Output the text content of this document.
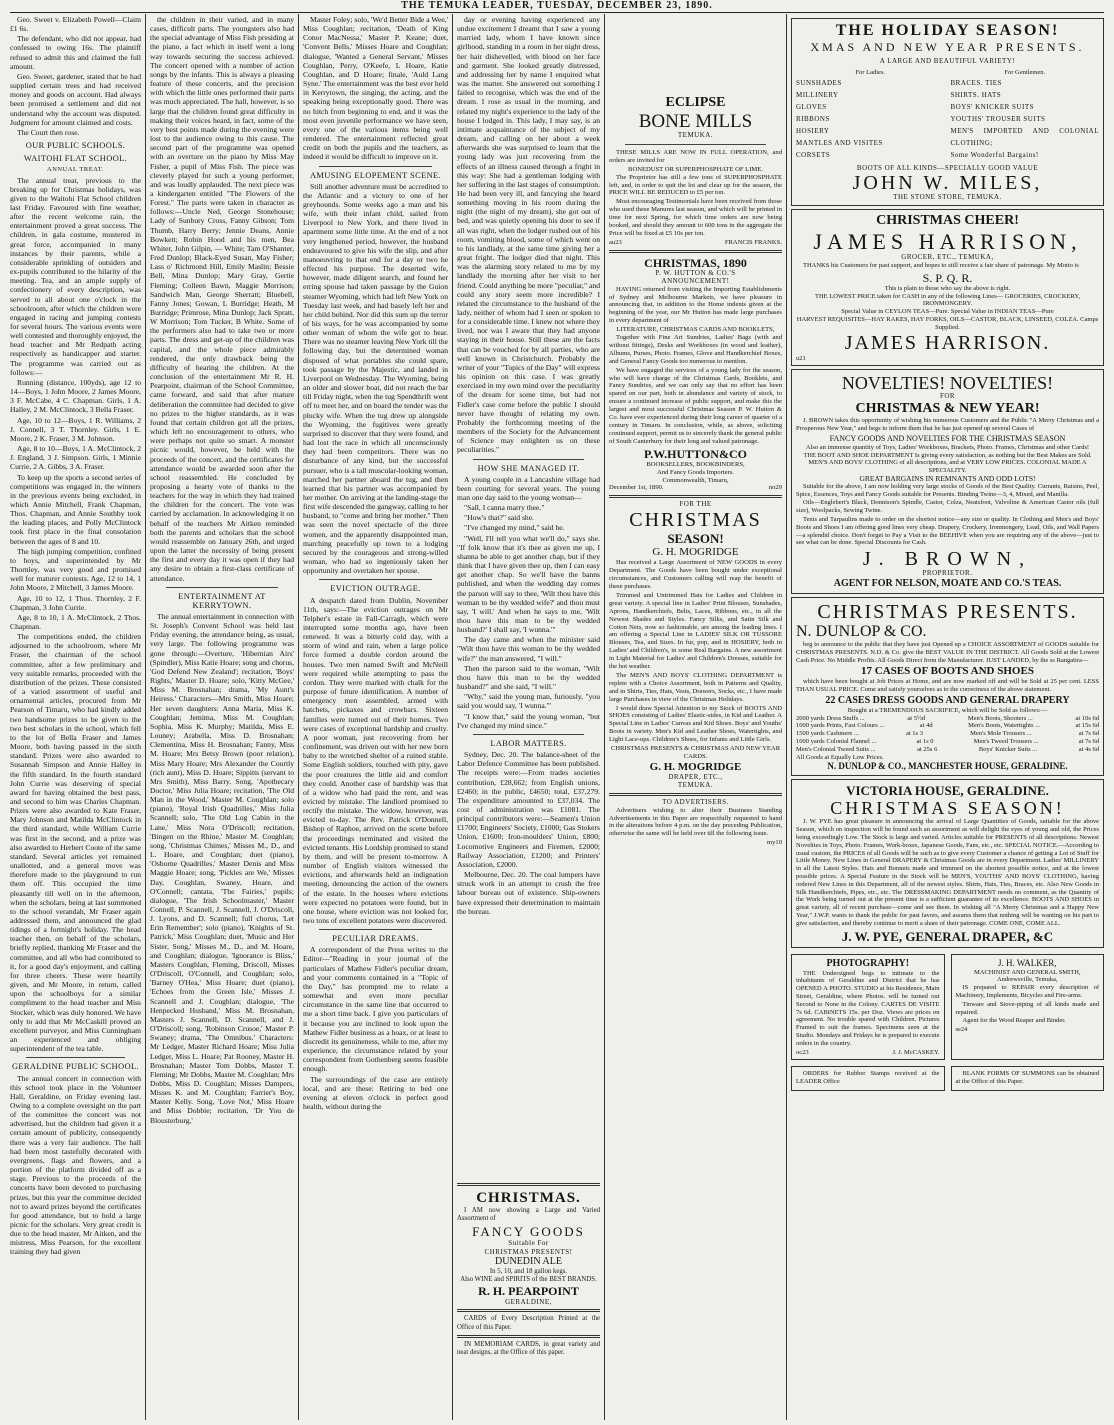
THE TEMUKA LEADER, TUESDAY, DECEMBER 23, 1890.

Geo. Sweet v. Elizabeth Powell—Claim £1 6s.

The defendant, who did not appear, had confessed to owing 16s. The plaintiff refused to admit this and claimed the full amount.

Geo. Sweet, gardener, stated that he had supplied certain trees and had received money and goods on account. Had always been promised a settlement and did not understand why the account was disputed. Judgment for amount claimed and costs.

The Court then rose.

OUR PUBLIC SCHOOLS.
WAITOHI FLAT SCHOOL.
ANNUAL TREAT.

The annual treat, previous to the breaking up for Christmas holidays, was given to the Waitohi Flat School children last Friday. Favoured with fine weather, after the recent welcome rain, the entertainment proved a great success. The children, in gala costume, mustered in great force, accompanied in many instances by their parents, while a considerable sprinkling of outsiders and ex-pupils contributed to the hilarity of the meeting. Tea, and an ample supply of confectionery of every description, was served to all about one o'clock in the schoolroom, after which the children were engaged in racing and jumping contests for several hours. The various events were well contested and thoroughly enjoyed, the head teacher and Mr Redpath acting respectively as handicapper and starter. The programme was carried out as follows:—

Running (distance, 100yds), age 12 to 14—Boys, 1 John Moore, 2 James Moore, 3 F. McCabe, 4 C. Chapman. Girls, 1 A. Halley, 2 M. McClintock, 3 Bella Fraser.

Age, 10 to 12—Boys, 1 R. Williams, 2 J. Connell, 3 T. Thornley. Girls, 1 E. Moore, 2 K. Fraser, 3 M. Johnson.

Age, 8 to 10—Boys, 1 A. McClintock, 2 J. England, 3 J. Simpson. Girls, 1 Minnie Currie, 2 A. Gibbs, 3 A. Fraser.

To keep up the sports a second series of competitions was engaged in, the winners in the previous events being excluded, in which Annie Mitchell, Frank Chapman, Thos. Chapman, and Annie Southby took the leading places, and Polly McClintock took first place in the final consolation between the ages of 8 and 10.

The high jumping competition, confined to boys, and superintended by Mr Thornley, was very good and promised well for maturer contests. Age, 12 to 14, 1 John Moore, 2 Mitchell, 3 James Moore.

Age, 10 to 12, 1 Thos. Thornley, 2 F. Chapman, 3 John Currie.

Age, 8 to 10, 1 A. McClintock, 2 Thos. Chapman.

The competitions ended, the children adjourned to the schoolroom, where Mr Fraser, the chairman of the school committee, after a few preliminary and very suitable remarks, proceeded with the distribution of the prizes. These consisted of a varied assortment of useful and ornamental articles, procured from Mr Pearson of Timaru, who had kindly added two handsome prizes to be given to the two best scholars in the school, which fell to the lot of Bella Fraser and James Moore, both having passed in the sixth standard. Prizes were also awarded to Susannah Simpson and Annie Halley in the fifth standard. In the fourth standard John Currie was deserving of special award for having obtained the best pass, and second to him was Charles Chapman. Prizes were also awarded to Kate Fraser, Mary Johnson and Matilda McClintock in the third standard, while William Currie was first in the second, and a prize was also awarded to Herbert Coote of the same standard. Several articles yet remained unallotted, and a general move was therefore made to the playground to run them off. This occupied the time pleasantly till well on in the afternoon, when the scholars, being at last summoned to the school verandah, Mr Fraser again addressed them, and announced the glad tidings of a fortnight's holiday. The head teacher then, on behalf of the scholars, briefly replied, thanking Mr Fraser and the committee, and all who had contributed to it, for a good day's enjoyment, and calling for three cheers. These were heartily given, and Mr Moore, in return, called upon the schoolboys for a similar compliment to the head teacher and Miss Stocker, which was duly honored. We have only to add that Mr McCaskill proved an excellent purveyor, and Miss Cunningham an experienced and obliging superintendent of the tea table.

GERALDINE PUBLIC SCHOOL.

The annual concert in connection with this school took place in the Volunteer Hall, Geraldine, on Friday evening last. Owing to a complete oversight on the part of the committee the concert was not advertised, but the children had given it a certain amount of publicity, consequently there was a very fair audience. The hall had been most tastefully decorated with evergreens, flags and flowers, and a portion of the platform divided off as a stage. Previous to the proceeds of the concerts have been devoted to purchasing prizes, but this year the committee decided not to award prizes beyond the certificates for good attendance, but to hold a large picnic for the scholars. Very great credit is due to the head master, Mr Aitken, and the mistress, Miss Pearson, for the excellent training they had given

the children in their varied, and in many cases, difficult parts. The youngsters also had the special advantage of Miss Fish presiding at the piano, a fact which in itself went a long way towards securing the success achieved. The concert opened with a number of action songs by the infants. This is always a pleasing feature of these concerts, and the precision with which the little ones performed their parts was much appreciated. The hall, however, is so large that the children found great difficulty in making their voices heard, in fact, some of the very best points made during the evening were lost to the audience owing to this cause. The second part of the programme was opened with an overture on the piano by Miss May Fisher, a pupil of Miss Fish. The piece was cleverly played for such a young performer, and was loudly applauded. The next piece was a kindergarten entitled "The Flowers of the Forest." The parts were taken in character as follows:—Uncle Ned, George Stonehouse; Lady of Sunbury Cross, Fanny Gibson; Tom Thumb, Harry Berry; Jennie Deans, Annie Bowkett; Robin Hood and his men, Bea Whiter, John Gilpin, — White; Tam O'Shanter, Fred Dunlop; Black-Eyed Susan, May Fisher; Lass o' Richmond Hill, Emily Maslin; Bessie Bell, Mina Dunlop; Mary Gray, Gertie Fleming; Colleen Bawn, Maggie Morrison; Sandwich Man, George Sherratt; Bluebell, Fanny Jones; Gowan, L Burridge; Heath, M Burridge; Primrose, Mina Dunlop; Jack Spratt, W Morrison; Tom Tucker, B White. Some of the performers also had to take two or more parts. The dress and get-up of the children was capital, and the whole piece admirably rendered, the only drawback being the difficulty of hearing the children. At the conclusion of the entertainment Mr R. H. Pearpoint, chairman of the School Committee, came forward, and said that after mature deliberation the committee had decided to give no prizes to the higher standards, as it was found that certain children got all the prizes, which left no encouragement to others, who were perhaps not quite so smart. A monster picnic would, however, be held with the proceeds of the concert, and the certificates for attendance would be awarded soon after the school reassembled. He concluded by proposing a hearty vote of thanks to the teachers for the way in which they had trained the children for the concert. The vote was carried by acclamation. In acknowledging it on behalf of the teachers Mr Aitken reminded both the parents and scholars that the school would reassemble on January 26th, and urged upon the latter the necessity of being present the first and every day it was open if they had any desire to obtain a first-class certificate of attendance.

ENTERTAINMENT AT KERRYTOWN.

The annual entertainment in connection with St. Joseph's Convent School was held last Friday evening, the attendance being, as usual, very large. The following programme was gone through:—Overture, 'Hibernian Airs' (Spindler), Miss Katie Hoare; song and chorus, 'God Defend New Zealand'; recitation, 'Boys' Rights,' Master D. Hoare; solo, 'Kitty McGee,' Miss M. Brosnahan; drama, 'My Aunt's Heiress.' Characters—Mrs Smith, Miss Hoare; Her seven daughters: Anna Maria, Miss K. Coughlan; Jemima, Miss M. Coughlan; Sophia, Miss K. Murphy; Matilda, Miss E. Louney; Arabella, Miss D. Brosnahan; Clementina, Miss H. Brosnahan; Fanny, Miss M. Hoare; Mrs Betsy Brown (poor relation), Miss Mary Hoare; Mrs Alexander the Courtly (rich aunt), Miss D. Hoare; Sippitts (servant to Mrs Smith), Miss Barry. Song, 'Apothecary Doctor,' Miss Julia Hoare; recitation, 'The Old Man in the Wood,' Master M. Coughlan; solo (piano), 'Royal Irish Quadrilles,' Miss Julia Scannell; solo, 'The Old Log Cabin in the Lane,' Miss Nora O'Driscoll; recitation, 'Bingen on the Rhine,' Master M. Coughlan; song, 'Christmas Chimes,' Misses M., D., and L. Hoare, and Coughlan; duet (piano), 'Osborne Quadrilles,' Master Denis and Miss Maggie Hoare; song, 'Pickles are We,' Misses Day, Coughlan, Swaney, Hoare, and O'Connell; cantata, 'The Fairies,' pupils; dialogue, 'The Irish Schoolmaster,' Master Connell, P. Scannell, J. Scannell, J. O'Driscoll, J. Lyons, and D. Scannell; full chorus, 'Let Erin Remember'; solo (piano), 'Knights of St. Patrick,' Miss Coughlan; duet, 'Music and Her Sister, Song,' Misses M., D., and M. Hoare, and Coughlan; dialogue, 'Ignorance is Bliss,' Masters Coughlan, Fleming, Driscoll, Misses O'Driscoll, O'Connell, and Coughlan; solo, 'Barney O'Hea,' Miss Hoare; duet (piano), 'Echoes from the Green Isle,' Misses J. Scannell and J. Coughlan; dialogue, 'The Henpecked Husband,' Miss M. Brosnahan, Masters J. Scannell, D. Scannell, and J. O'Driscoll; song, 'Robinson Crusoe,' Master P. Swaney; drama, 'The Omnibus.' Characters: Mr Ledger, Master Richard Hoare; Miss Julia Ledger, Miss L. Hoare; Pat Rooney, Master H. Brosnahan; Master Tom Dobbs, Master T. Fleming; Mr Dobbs, Master M. Coughlan; Mrs Dobbs, Miss D. Coughlan; Misses Dampers, Misses K. and M. Coughlan; Farrier's Boy, Master Kelly. Song, 'Love Not,' Miss Hoare and Miss Dobbie; recitation, 'Dr You de Blousterburg,'

Master Foley; solo, 'We'd Better Bide a Wee,' Miss Coughlan; recitation, 'Death of King Conor MacNessa,' Master P. Keane; duet, 'Convent Bells,' Misses Hoare and Coughlan; dialogue, 'Wanted a General Servant,' Misses Coughlan, Perry, O'Keefe, L Hoare, Katie Coughlan, and D Hoare; finale, 'Auld Lang Syne.' The entertainment was the best ever held in Kerrytown, the singing, the acting, and the speaking being exceptionally good. There was no hitch from beginning to end, and it was the most even juvenile performance we have seen, every one of the various items being well rendered. The entertainment reflected great credit on both the pupils and the teachers, as indeed it would be difficult to improve on it.

AMUSING ELOPEMENT SCENE.

Still another adventure must be accredited to the Atlantic and a victory to one of her greyhounds. Some weeks ago a man and his wife, with their infant child, sailed from Liverpool to New York, and there lived in apartment some little time. At the end of a not very lengthened period, however, the husband endeavoured to give his wife the slip, and after manoeuvring to that end for a day or two he effected his purpose. The deserted wife, however, made diligent search, and found her erring spouse had taken passage by the Guion steamer Wyoming, which had left New York on Tuesday last week, and had basely left her and her child behind. Nor did this sum up the terror of his ways, for he was accompanied by some other woman of whom the wife got to hear. There was no steamer leaving New York till the following day, but the determined woman disposed of what portables she could spare, took passage by the Majestic, and landed in Liverpool on Wednesday. The Wyoming, being an older and slower boat, did not reach the bar till Friday night, when the tug Spendthrift went off to meet her, and on board the tender was the plucky wife. When the tug drew up alongside the Wyoming, the fugitives were greatly surprised to discover that they were found, and had lost the race in which all unconsciously they had been competitors. There was no disturbance of any kind, but the successful pursuer, who is a tall muscular-looking woman, marched her partner aboard the tug, and then learned that his partner was accompanied by her mother. On arriving at the landing-stage the first wife descended the gangway, calling to her husband, to "come and bring her mother." Then was seen the novel spectacle of the three women, and the apparently disappointed man, marching peacefully up town to a lodging secured by the courageous and strong-willed woman, who had so ingeniously taken her opportunity and overtaken her spouse.

EVICTION OUTRAGE.

A despatch dated from Dublin, November 11th, says:—The eviction outrages on Mr Telpher's estate in Fall-Carragh, which were interrupted some months ago, have been renewed. It was a bitterly cold day, with a storm of wind and rain, when a large police force formed a double cordon around the houses. Two men named Swift and McNeill were required while attempting to pass the cordon. They were marked with chalk for the purpose of future identification. A number of emergency men assembled, armed with hatchets, pickaxes and crowbars. Sixteen families were turned out of their homes. Two were cases of exceptional hardship and cruelty. A poor woman, just recovering from her confinement, was driven out with her new born baby to the wretched shelter of a ruined stable. Some English soldiers, touched with pity, gave the poor creatures the little aid and comfort they could. Another case of hardship was that of a widow who had paid the rent, and was evicted by mistake. The landlord promised to rectify the mistake. The widow, however, was evicted to-day. The Rev. Patrick O'Donnell, Bishop of Raphoe, arrived on the scene before the proceedings terminated and visited the evicted tenants. His Lordship promised to stand by them, and will be present to-morrow. A number of English visitors witnessed the evictions, and afterwards held an indignation meeting, denouncing the action of the owners of the estate. In the houses where evictions were expected no potatoes were found, but in one house, where eviction was not looked for, two tons of excellent potatoes were discovered.

PECULIAR DREAMS.

A correspondent of the Press writes to the Editor—"Reading in your journal of the particulars of Mathew Fidler's peculiar dream, and your comments contained in a "Topic of the Day," has prompted me to relate a somewhat and even more peculiar circumstance in the same line that occurred to me a short time back. I give you particulars of it because you are inclined to look upon the Mathew Fidler business as a hoax, or at least to discredit its genuineness, while to me, after my experience, the circumstance related by your correspondent from Gothenberg seems feasible enough.

The surroundings of the case are entirely local, and are these: Retiring to bed one evening at eleven o'clock in perfect good health, without during the

day or evening having experienced any undue excitement I dreamt that I saw a young married lady, whom I have known since girlhood, standing in a room in her night dress, her hair dishevelled, with blood on her face and garment. She looked greatly distressed, and addressing her by name I enquired what was the matter. She answered out something I failed to recognise, which was the end of the dream. I rose as usual in the morning, and related my night's experience to the lady of the house I lodged in. This lady, I may say, is an intimate acquaintance of the subject of my dream, and calling on her about a week afterwards she was surprised to learn that the young lady was just recovering from the effects of an illness caused through a fright in this way: She had a gentleman lodging with her suffering in the last stages of consumption. He had been very ill, and fancying she heard something moving in his room during the night (the night of my dream), she got out of bed, and was quietly opening his door to see if all was right, when the lodger rushed out of his room, vomiting blood, some of which went on to his landlady, at the same time giving her a great fright. The lodger died that night. This was the alarming story related to me by my landlady the morning after her visit to her friend. Could anything be more "peculiar," and could any story seem more incredible? I related the circumstance to the husband of the lady, neither of whom had I seen or spoken to for a considerable time. I knew not where they lived, nor was I aware that they had anyone staying in their house. Still these are the facts that can be vouched for by all parties, who are well known in Christchurch. Probably the writer of your "Topics of the Day" will express his opinion on this case. I was greatly exercised in my own mind over the peculiarity of the dream for some time, but had not Fidler's case come before the public I should never have thought of relating my own. Probably the forthcoming meeting of the members of the Society for the Advancement of Science may enlighten us on these peculiarities."

HOW SHE MANAGED IT.

A young couple in a Lancashire village had been courting for several years. The young man one day said to the young woman—

"Sall, I canna marry thee."

"How's that?" said she.

"I've changed my mind," said he.

"Well, I'll tell you what we'll do," says she. "If folk know that it's thee as given me up, I shanna be able to get another chap, but if they think that I have given thee up, then I can easy get another chap. So we'll have the banns published, and when the wedding day comes the parson will say to thee, 'Wilt thou have this woman to be thy wedded wife?' and thou must say, 'I will.' And when he says to me, 'Wilt thou have this man to be thy wedded husband?' I shall say, 'I wunna.'"

The day came and when the minister said "Wilt thou have this woman to be thy wedded wife?" the man answered, "I will."

Then the parson said to the woman, "Wilt thou have this man to be thy wedded husband?" and she said, "I will."

"Why," said the young man, furiously, "you said you would say, 'I wunna.'"

"I know that," said the young woman, "but I've changed my mind since."

LABOR MATTERS.

Sydney, Dec. 20. The balance-sheet of the Labor Defence Committee has been published. The receipts were:—From trades societies contribution, £28,662; from English unions, £2460; in the public, £4650; total, £37,279. The expenditure amounted to £37,034. The cost of administration was £1081. The principal contributors were:—Seamen's Union £1700; Engineers' Society, £1000; Gas Stokers Union, £1600; Iron-moulders' Union, £800; Locomotive Engineers and Firemen, £2000; Railway Association, £1200; and Printers' Association, £2000.

Melbourne, Dec. 20. The coal lumpers have struck work in an attempt to crush the free labour bureau out of existence. Ship-owners have expressed their determination to maintain the bureau.

ECLIPSE
BONE MILLS
TEMUKA.

THESE MILLS ARE NOW IN FULL OPERATION, and orders are invited for

BONEDUST OR SUPERPHOSPHATE OF LIME.

The Proprietor has still a few tons of SUPERPHOSPHATE left, and, in order to quit the lot and clear up for the season, the PRICE WILL BE REDUCED to £5 per ton.

Most encouraging Testimonials have been received from those who used these Manures last season, and which will be printed in time for next Spring, for which time orders are now being booked, and should they amount to 600 tons in the aggregate the Price will be fixed at £5 10s per ton.

au23	FRANCIS FRANKS.
CHRISTMAS, 1890
P. W. HUTTON & CO.'S
ANNOUNCEMENT!

HAVING returned from visiting the Importing Establishments of Sydney and Melbourne Markets, we have pleasure in announcing that, in addition to the Home indents given at the beginning of the year, our Mr Hutton has made large purchases in every department of

LITERATURE, CHRISTMAS CARDS AND BOOKLETS,

Together with Fine Art Sundries, Ladies' Bags (with and without fittings), Desks and Workboxes (in wood and leather), Albums, Purses, Photo. Frames, Glove and Handkerchief Boxes, and General Fancy Goods too numerous to mention.

We have engaged the services of a young lady for the season, who will have charge of the Christmas Cards, Booklets, and Fancy Sundries, and we can only say that no effort has been spared on our part, both in abundance and variety of stock, to ensure a continued increase of public support, and make this the largest and most successful Christmas Season P. W. Hutton & Co. have ever experienced during their long career of quarter of a century in Timaru. In conclusion, while, as above, soliciting continued support, permit us to sincerely thank the general public of South Canterbury for their long and valued patronage.

P.W.HUTTON&CO
BOOKSELLERS, BOOKBINDERS,
And Fancy Goods Importers.
Commonwealth, Timaru,
December 1st, 1890.	no29
FOR THE
CHRISTMAS
SEASON!
G. H. MOGRIDGE

Has received a Large Assortment of NEW GOODS in every Department. The Goods have been bought under exceptional circumstances, and Customers calling will reap the benefit of these purchases.

Trimmed and Untrimmed Hats for Ladies and Children in great variety. A special line in Ladies' Print Blouses, Sunshades, Aprons, Handkerchiefs, Belts, Laces, Ribbons, etc., in all the Newest Shades and Styles. Fancy Silks, and Satin Silk and Cotton Nets, now so fashionable, are among the leading lines. I am offering a Special Line in LADIES' SILK OR TUSSORE Blouses, Tea, and Sizes. In fur, pop, and in HOSIERY, both in Ladies' and Children's, in some Real Bargains. A new assortment in Light Material for Ladies' and Children's Dresses, suitable for the hot weather.

The MEN'S AND BOYS' CLOTHING DEPARTMENT is replete with a Choice Assortment, both in Patterns and Quality, and in Shirts, Ties, Hats, Vests, Drawers, Socks, etc., I have made large Purchases in view of the Christmas Holidays.

I would draw Special Attention to my Stock of BOOTS AND SHOES consisting of Ladies' Elastic-sides, in Kid and Leather. A Special Line in Ladies' Canvas and Kid Shoes. Boys' and Youths' Boots in variety. Men's Kid and Leather Shoes, Watertights, and Light Lace-ups. Children's Shoes, for Infants and Little Girls.

CHRISTMAS PRESENTS & CHRISTMAS AND NEW YEAR CARDS.
G. H. MOGRIDGE
DRAPER, ETC.,
TEMUKA.
TO ADVERTISERS.

Advertisers wishing to alter their Business Standing Advertisements in this Paper are respectfully requested to hand in the alterations before 4 p.m. on the day preceding Publication, otherwise the same will be held over till the following issue.

my10
CHRISTMAS.

I AM now showing a Large and Varied Assortment of

FANCY GOODS
Suitable For
CHRISTMAS PRESENTS!
DUNEDIN ALE
In 5, 10, and 18 gallon kegs.
Also WINE and SPIRITS of the BEST BRANDS.
R. H. PEARPOINT
GERALDINE,

CARDS of Every Description Printed at the Office of this Paper.

IN MEMORIAM CARDS, in great variety and neat designs, at the Office of this paper.

THE HOLIDAY SEASON!
XMAS AND NEW YEAR PRESENTS.
A LARGE AND BEAUTIFUL VARIETY!
For Ladies.
SUNSHADES
MILLINERY
GLOVES
RIBBONS
HOSIERY
MANTLES AND VISITES
CORSETS
For Gentlemen.
BRACES. TIES
SHIRTS. HATS
BOYS' KNICKER SUITS
YOUTHS' TROUSER SUITS
MEN'S IMPORTED AND COLONIAL CLOTHING;
Some Wonderful Bargains!
BOOTS OF ALL KINDS—SPECIALLY GOOD VALUE
JOHN W. MILES,
THE STONE STORE, TEMUKA.
CHRISTMAS CHEER!
JAMES HARRISON,
GROCER, ETC., TEMUKA,

THANKS his Customers for past support, and hopes to still receive a fair share of patronage. My Motto is

S. P. Q. R.
This is plain to those who say the above is right.
THE LOWEST PRICE taken for CASH in any of the following Lines— GROCERIES, CROCKERY, IRONMONGERY.
Special Value in CEYLON TEAS—Pure. Special Value in INDIAN TEAS—Pure
HARVEST REQUISITES—HAY RAKES, HAY FORKS, OILS—CASTOR, BLACK, LINSEED, COLZA. Camps Supplied.
JAMES HARRISON.
u21
NOVELTIES! NOVELTIES!
FOR
CHRISTMAS & NEW YEAR!

J. BROWN takes this opportunity of wishing his numerous Customers and the Public "A Merry Christmas and a Prosperous New Year," and begs to inform them that he has just opened up several Cases of

FANCY GOODS AND NOVELTIES FOR THE CHRISTMAS SEASON
Also an immense quantity of Toys, Ladies' Workboxes, Brackets, Photo. Frames, Christmas and other Cards!
THE BOOT AND SHOE DEPARTMENT Is giving every satisfaction, as nothing but the Best Makes are Sold. MEN'S AND BOYS' CLOTHING of all descriptions, and at VERY LOW PRICES. COLONIAL MADE A SPECIALITY.
GREAT BARGAINS IN REMNANTS AND ODD LOTS!

Suitable for the above, I am now holding very large stocks of Goods of the Best Quality. Currants, Raisins, Peel, Spice, Essences, Toys and Fancy Goods suitable for Presents. Binding Twine—3, 4, Mixed, and Manilla.

Oils—Englebert's Black, Donnison's Spindle, Castor, Colza, Neatsfoot, Valvoline & American Castor oils (full size), Woolpacks, Sewing Twine.

Tents and Tarpaulins made to order on the shortest notice—any size or quality. In Clothing and Men's and Boys' Boots and Shoes I am offering good lines very cheap. Drapery, Crockery, Ironmongery, Lead, Oils, and Wall Papers—a splendid choice. Don't forget to Pay a Visit to the BEEHIVE when you are requiring any of the above—just to see what can be done. Special Discounts for Cash.

J. BROWN,
PROPRIETOR.
AGENT FOR NELSON, MOATE AND CO.'S TEAS.
CHRISTMAS PRESENTS.
N. DUNLOP & CO.

beg to announce to the public that they have just Opened up a CHOICE ASSORTMENT of GOODS suitable for CHRISTMAS PRESENTS. N.D. & Co. give the BEST VALUE IN THE DISTRICT. All Goods Sold at the Lowest Cash Price. No Middle Profits. All Goods Direct from the Manufacturer. JUST LANDED, by the ss Rangatira—

17 CASES OF BOOTS AND SHOES

which have been bought at Job Prices at Home, and are now marked off and will be Sold at 25 per cent. LESS THAN USUAL PRICE. Come and satisfy yourselves as to the correctness of the above statement.

22 CASES DRESS GOODS AND GENERAL DRAPERY
Bought at a TREMENDOUS SACRIFICE, which will be Sold as follows:—
2000 yards Dress Stuffs ...	at 5½d	Men's Boots, Shooters ...	at 10s 6d
1000 yards Prints, Fast Colours ...	at 4d	Men's Boots, Watertights ...	at 15s 6d
1500 yards Cashmere ...	at 1s 3	Men's Mole Trousers ...	at 7s 6d
1000 yards Colonial Flannel ...	at 1s 0	Men's Tweed Trousers ...	at 7s 6d
Men's Colonial Tweed Suits ...	at 25s 6	Boys' Knicker Suits ...	at 4s 6d
All Goods at Equally Low Prices.
N. DUNLOP & CO., MANCHESTER HOUSE, GERALDINE.
VICTORIA HOUSE, GERALDINE.
CHRISTMAS SEASON!

J. W. PYE has great pleasure in announcing the arrival of Large Quantities of Goods, suitable for the above Season, which on inspection will be found such an assortment as will delight the eyes of young and old, the Prices being exceedingly Low. The Stock is large and varied. Articles suitable for PRESENTS of all descriptions. Newest Novelties in Toys, Photo. Frames, Work-boxes, Japanese Goods, Fans, etc., etc. SPECIAL NOTICE.—According to usual custom, the PRICES of all Goods will be such as to give every Customer a chance of getting a Lot of Stuff for Little Money. New Lines in General DRAPERY & Christmas Goods are in every Department. Ladies' MILLINERY in all the Latest Styles. Hats and Bonnets made and trimmed on the shortest possible notice, and at the lowest possible prices. A Special Feature in the Stock will be MEN'S, YOUTHS' AND BOYS' CLOTHING, having ordered New Lines in this Department, all of the newest styles. Shirts, Hats, Ties, Braces, etc. Also New Goods in Silk Handkerchiefs, Pipes, etc., etc. The DRESSMAKING DEPARTMENT needs no comment, as the Quantity of the Work being turned out at the present time is a sufficient guarantee of its excellence. BOOTS AND SHOES in great variety, all of recent purchase—come and see them. In wishing all "A Merry Christmas and a Happy New Year," J.W.P. wants to thank the public for past favors, and assures them that nothing will be wanting on his part to give satisfaction, and thereby continue to merit a share of their patronage. COME ONE, COME ALL.

J. W. PYE, GENERAL DRAPER, &C
PHOTOGRAPHY!

THE Undersigned begs to intimate to the inhabitants of Geraldine and District that he has OPENED A PHOTO. STUDIO at his Residence, Main Street, Geraldine, where Photos. will be turned out Second to None in the Colony. CARTES DE VISITE 7s 6d. CABINETS 15s. per Doz. Views are prices on agreement. No trouble spared with Children. Pictures Framed to suit the frames. Specimens seen at the Studio. Mondays and Fridays he is prepared to execute orders in the country.

oc23	J. J. McCASKEY.
J. H. WALKER,
MACHINIST AND GENERAL SMITH,
Andrewsville, Temuka,

IS prepared to REPAIR every description of Machinery, Implements, Bicycles and Fire-arms.

Tinware and Stove-piping of all kinds made and repaired.

Agent for the Wood Reaper and Binder.

se24

ORDERS for Rubber Stamps received at the LEADER Office

BLANK FORMS OF SUMMONS can be obtained at the Office of this Paper.
